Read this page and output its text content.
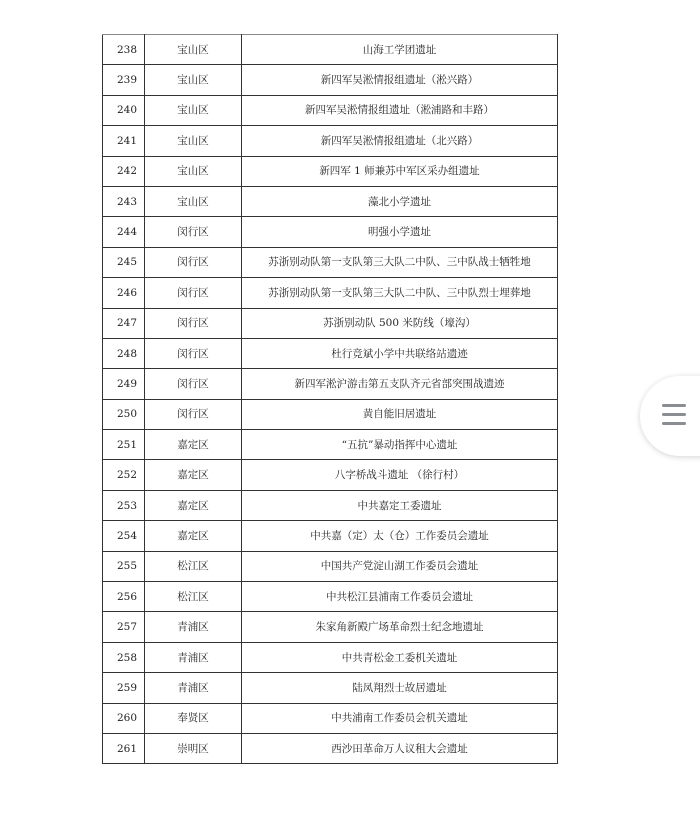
238	宝山区	山海工学团遗址
239	宝山区	新四军吴淞情报组遗址（淞兴路）
240	宝山区	新四军吴淞情报组遗址（淞浦路和丰路）
241	宝山区	新四军吴淞情报组遗址（北兴路）
242	宝山区	新四军 1 师兼苏中军区采办组遗址
243	宝山区	藻北小学遗址
244	闵行区	明强小学遗址
245	闵行区	苏浙别动队第一支队第三大队二中队、三中队战士牺牲地
246	闵行区	苏浙别动队第一支队第三大队二中队、三中队烈士埋葬地
247	闵行区	苏浙别动队 500 米防线（壕沟）
248	闵行区	杜行竞斌小学中共联络站遗迹
249	闵行区	新四军淞沪游击第五支队齐元省部突围战遗迹
250	闵行区	黄自能旧居遗址
251	嘉定区	“五抗”暴动指挥中心遗址
252	嘉定区	八字桥战斗遗址 （徐行村）
253	嘉定区	中共嘉定工委遗址
254	嘉定区	中共嘉（定）太（仓）工作委员会遗址
255	松江区	中国共产党淀山湖工作委员会遗址
256	松江区	中共松江县浦南工作委员会遗址
257	青浦区	朱家角新殿广场革命烈士纪念地遗址
258	青浦区	中共青松金工委机关遗址
259	青浦区	陆凤翔烈士故居遗址
260	奉贤区	中共浦南工作委员会机关遗址
261	崇明区	西沙田革命万人议租大会遗址
